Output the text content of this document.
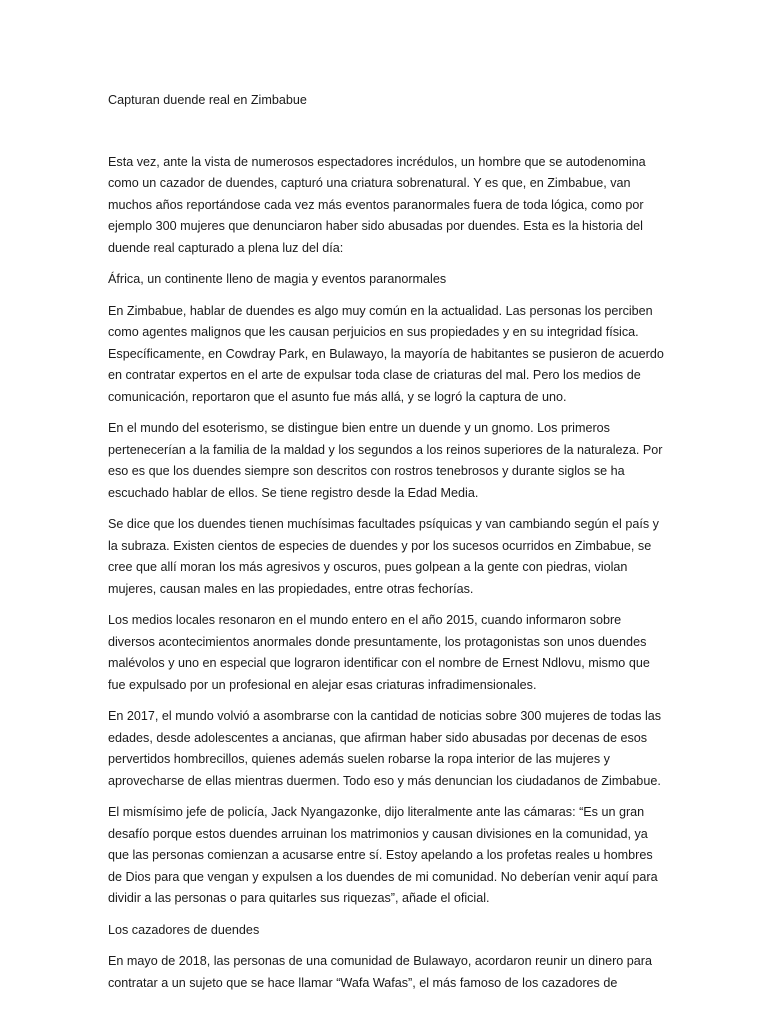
Capturan duende real en Zimbabue

Esta vez, ante la vista de numerosos espectadores incrédulos, un hombre que se autodenomina como un cazador de duendes, capturó una criatura sobrenatural. Y es que, en Zimbabue, van muchos años reportándose cada vez más eventos paranormales fuera de toda lógica, como por ejemplo 300 mujeres que denunciaron haber sido abusadas por duendes. Esta es la historia del duende real capturado a plena luz del día:

África, un continente lleno de magia y eventos paranormales

En Zimbabue, hablar de duendes es algo muy común en la actualidad. Las personas los perciben como agentes malignos que les causan perjuicios en sus propiedades y en su integridad física. Específicamente, en Cowdray Park, en Bulawayo, la mayoría de habitantes se pusieron de acuerdo en contratar expertos en el arte de expulsar toda clase de criaturas del mal. Pero los medios de comunicación, reportaron que el asunto fue más allá, y se logró la captura de uno.

En el mundo del esoterismo, se distingue bien entre un duende y un gnomo. Los primeros pertenecerían a la familia de la maldad y los segundos a los reinos superiores de la naturaleza. Por eso es que los duendes siempre son descritos con rostros tenebrosos y durante siglos se ha escuchado hablar de ellos. Se tiene registro desde la Edad Media.

Se dice que los duendes tienen muchísimas facultades psíquicas y van cambiando según el país y la subraza. Existen cientos de especies de duendes y por los sucesos ocurridos en Zimbabue, se cree que allí moran los más agresivos y oscuros, pues golpean a la gente con piedras, violan mujeres, causan males en las propiedades, entre otras fechorías.

Los medios locales resonaron en el mundo entero en el año 2015, cuando informaron sobre diversos acontecimientos anormales donde presuntamente, los protagonistas son unos duendes malévolos y uno en especial que lograron identificar con el nombre de Ernest Ndlovu, mismo que fue expulsado por un profesional en alejar esas criaturas infradimensionales.

En 2017, el mundo volvió a asombrarse con la cantidad de noticias sobre 300 mujeres de todas las edades, desde adolescentes a ancianas, que afirman haber sido abusadas por decenas de esos pervertidos hombrecillos, quienes además suelen robarse la ropa interior de las mujeres y aprovecharse de ellas mientras duermen. Todo eso y más denuncian los ciudadanos de Zimbabue.

El mismísimo jefe de policía, Jack Nyangazonke, dijo literalmente ante las cámaras: “Es un gran desafío porque estos duendes arruinan los matrimonios y causan divisiones en la comunidad, ya que las personas comienzan a acusarse entre sí. Estoy apelando a los profetas reales u hombres de Dios para que vengan y expulsen a los duendes de mi comunidad. No deberían venir aquí para dividir a las personas o para quitarles sus riquezas”, añade el oficial.

Los cazadores de duendes

En mayo de 2018, las personas de una comunidad de Bulawayo, acordaron reunir un dinero para contratar a un sujeto que se hace llamar “Wafa Wafas”, el más famoso de los cazadores de
